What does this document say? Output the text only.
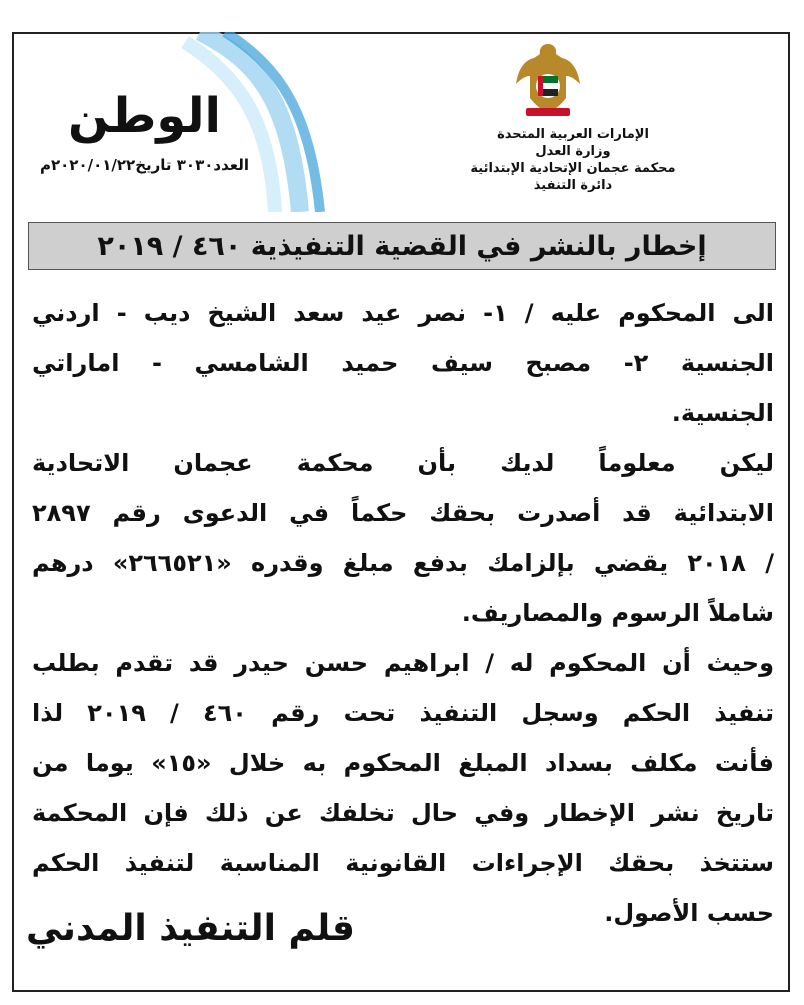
الوطن
العدد٣٠٣٠ تاريخ٢٠٢٠/٠١/٢٢م
الإمارات العربية المتحدة
وزارة العدل
محكمة عجمان الإتحادية الإبتدائية
دائرة التنفيذ
إخطار بالنشر في القضية التنفيذية ٤٦٠ / ٢٠١٩
الى المحكوم عليه / ١- نصر عيد سعد الشيخ ديب - اردني
الجنسية ٢- مصبح سيف حميد الشامسي - اماراتي
الجنسية.
ليكن معلوماً لديك بأن محكمة عجمان الاتحادية
الابتدائية قد أصدرت بحقك حكماً في الدعوى رقم ٢٨٩٧
/ ٢٠١٨ يقضي بإلزامك بدفع مبلغ وقدره «٢٦٦٥٢١» درهم
شاملاً الرسوم والمصاريف.
وحيث أن المحكوم له / ابراهيم حسن حيدر قد تقدم بطلب
تنفيذ الحكم وسجل التنفيذ تحت رقم ٤٦٠ / ٢٠١٩ لذا
فأنت مكلف بسداد المبلغ المحكوم به خلال «١٥» يوما من
تاريخ نشر الإخطار وفي حال تخلفك عن ذلك فإن المحكمة
ستتخذ بحقك الإجراءات القانونية المناسبة لتنفيذ الحكم
حسب الأصول.
قلم التنفيذ المدني
